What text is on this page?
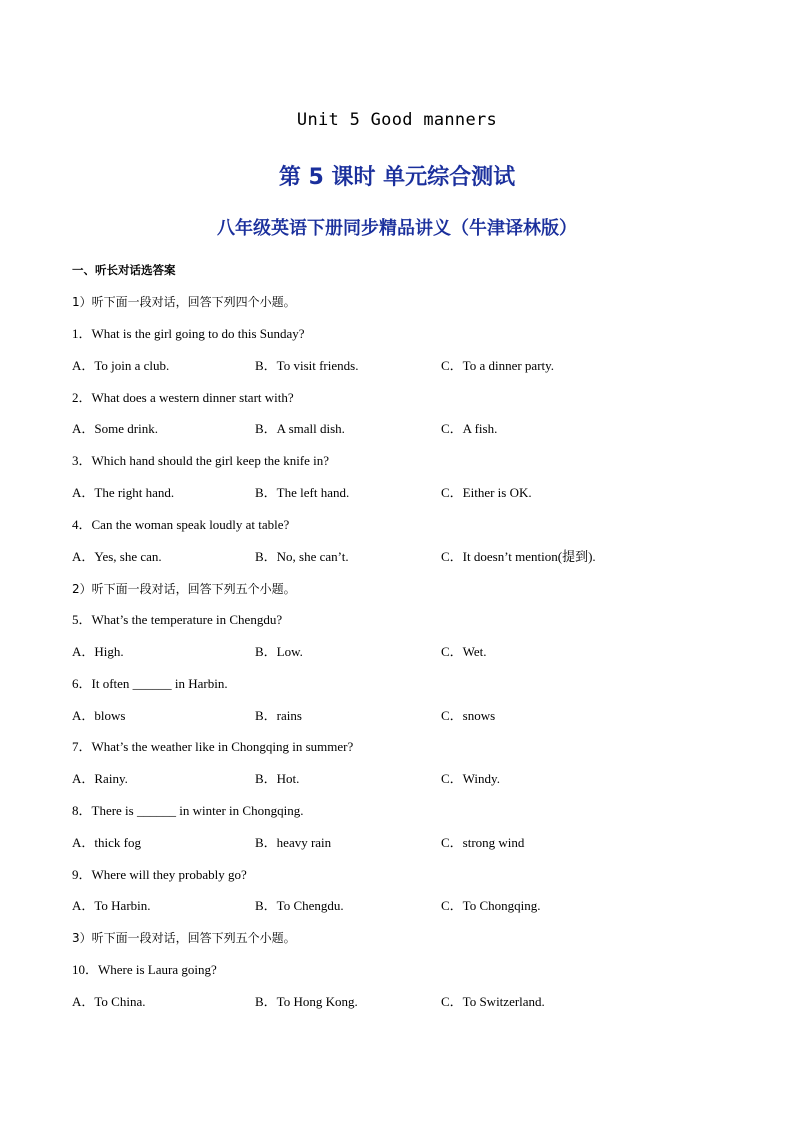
Unit 5 Good manners
第 5 课时 单元综合测试
八年级英语下册同步精品讲义（牛津译林版）
一、听长对话选答案
1）听下面一段对话，回答下列四个小题。
1．What is the girl going to do this Sunday?
A．To join a club.	B．To visit friends.	C．To a dinner party.
2．What does a western dinner start with?
A．Some drink.	B．A small dish.	C．A fish.
3．Which hand should the girl keep the knife in?
A．The right hand.	B．The left hand.	C．Either is OK.
4．Can the woman speak loudly at table?
A．Yes, she can.	B．No, she can’t.	C．It doesn’t mention(提到).
2）听下面一段对话，回答下列五个小题。
5．What’s the temperature in Chengdu?
A．High.	B．Low.	C．Wet.
6．It often ______ in Harbin.
A．blows	B．rains	C．snows
7．What’s the weather like in Chongqing in summer?
A．Rainy.	B．Hot.	C．Windy.
8．There is ______ in winter in Chongqing.
A．thick fog	B．heavy rain	C．strong wind
9．Where will they probably go?
A．To Harbin.	B．To Chengdu.	C．To Chongqing.
3）听下面一段对话，回答下列五个小题。
10．Where is Laura going?
A．To China.	B．To Hong Kong.	C．To Switzerland.
